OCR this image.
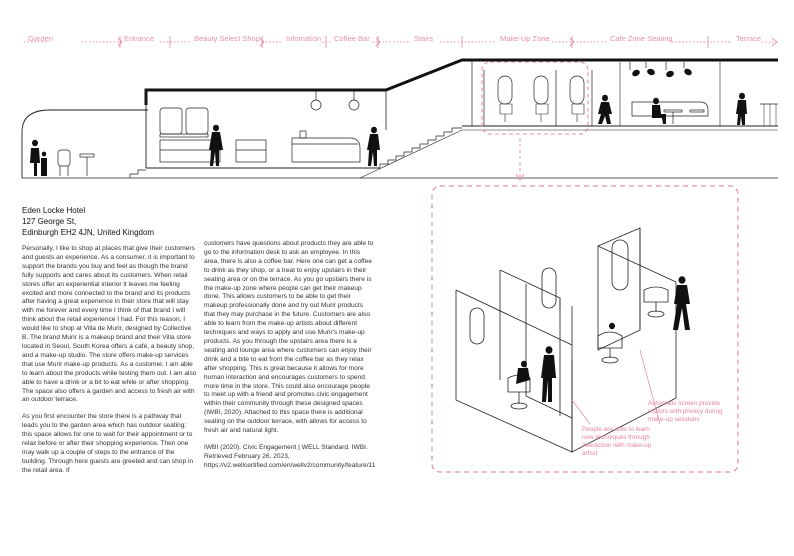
Garden	Entrance	Beauty Select Shop	Infomation Coffee Bar	Stairs	Make-Up Zone	Cafe Zone Seating	Terrace
Eden Locke Hotel
127 George St,
Edinburgh EH2 4JN, United Kingdom

Personally, I like to shop at places that give their customers and guests an experience. As a consumer, it is important to support the brands you buy and feel as though the brand fully supports and cares about its customers. When retail stores offer an experiential interior it leaves me feeling excited and more connected to the brand and its products after having a great experience in their store that will stay with me forever and every time I think of that brand I will think about the retail experience I had. For this reason, I would like to shop at Villa de Murir, designed by Collective B. The brand Murir is a makeup brand and their Villa store located in Seoul, South Korea offers a café, a beauty shop, and a make-up studio. The store offers make-up services that use Murir make-up products. As a customer, I am able to learn about the products while testing them out. I am also able to have a drink or a bit to eat while or after shopping. The space also offers a garden and access to fresh air with an outdoor terrace.

As you first encounter the store there is a pathway that leads you to the garden area which has outdoor seating; this space allows for one to wait for their appointment or to relax before or after their shopping experience. Then one may walk up a couple of steps to the entrance of the building. Through here guests are greeted and can shop in the retail area. If

customers have questions about products they are able to go to the information desk to ask an employee. In this area, there is also a coffee bar. Here one can get a coffee to drink as they shop, or a treat to enjoy upstairs in their seating area or on the terrace. As you go upstairs there is the make-up zone where people can get their makeup done. This allows customers to be able to get their makeup professionally done and try out Murir products that they may purchase in the future. Customers are also able to learn from the make-up artists about different techniques and ways to apply and use Murir's make-up products. As you through the upstairs area there is a seating and lounge area where customers can enjoy their drink and a bite to eat from the coffee bar as they relax after shopping. This is great because it allows for more human interaction and encourages customers to spend more time in the store. This could also encourage people to meet up with a friend and promotes civic engagement within their community through these designed spaces (IWBI, 2020). Attached to this space there is additional seating on the outdoor terrace, with allows for access to fresh air and natural light.

IWBI (2020). Civic Engagement | WELL Standard. IWBI. Retrieved February 26, 2023, https://v2.wellcertified.com/en/wellv2/community/feature/11

Automatic screen provide visitors with privacy during make-up sessions
People are able to learn new techniques through interaction with make-up artisit
